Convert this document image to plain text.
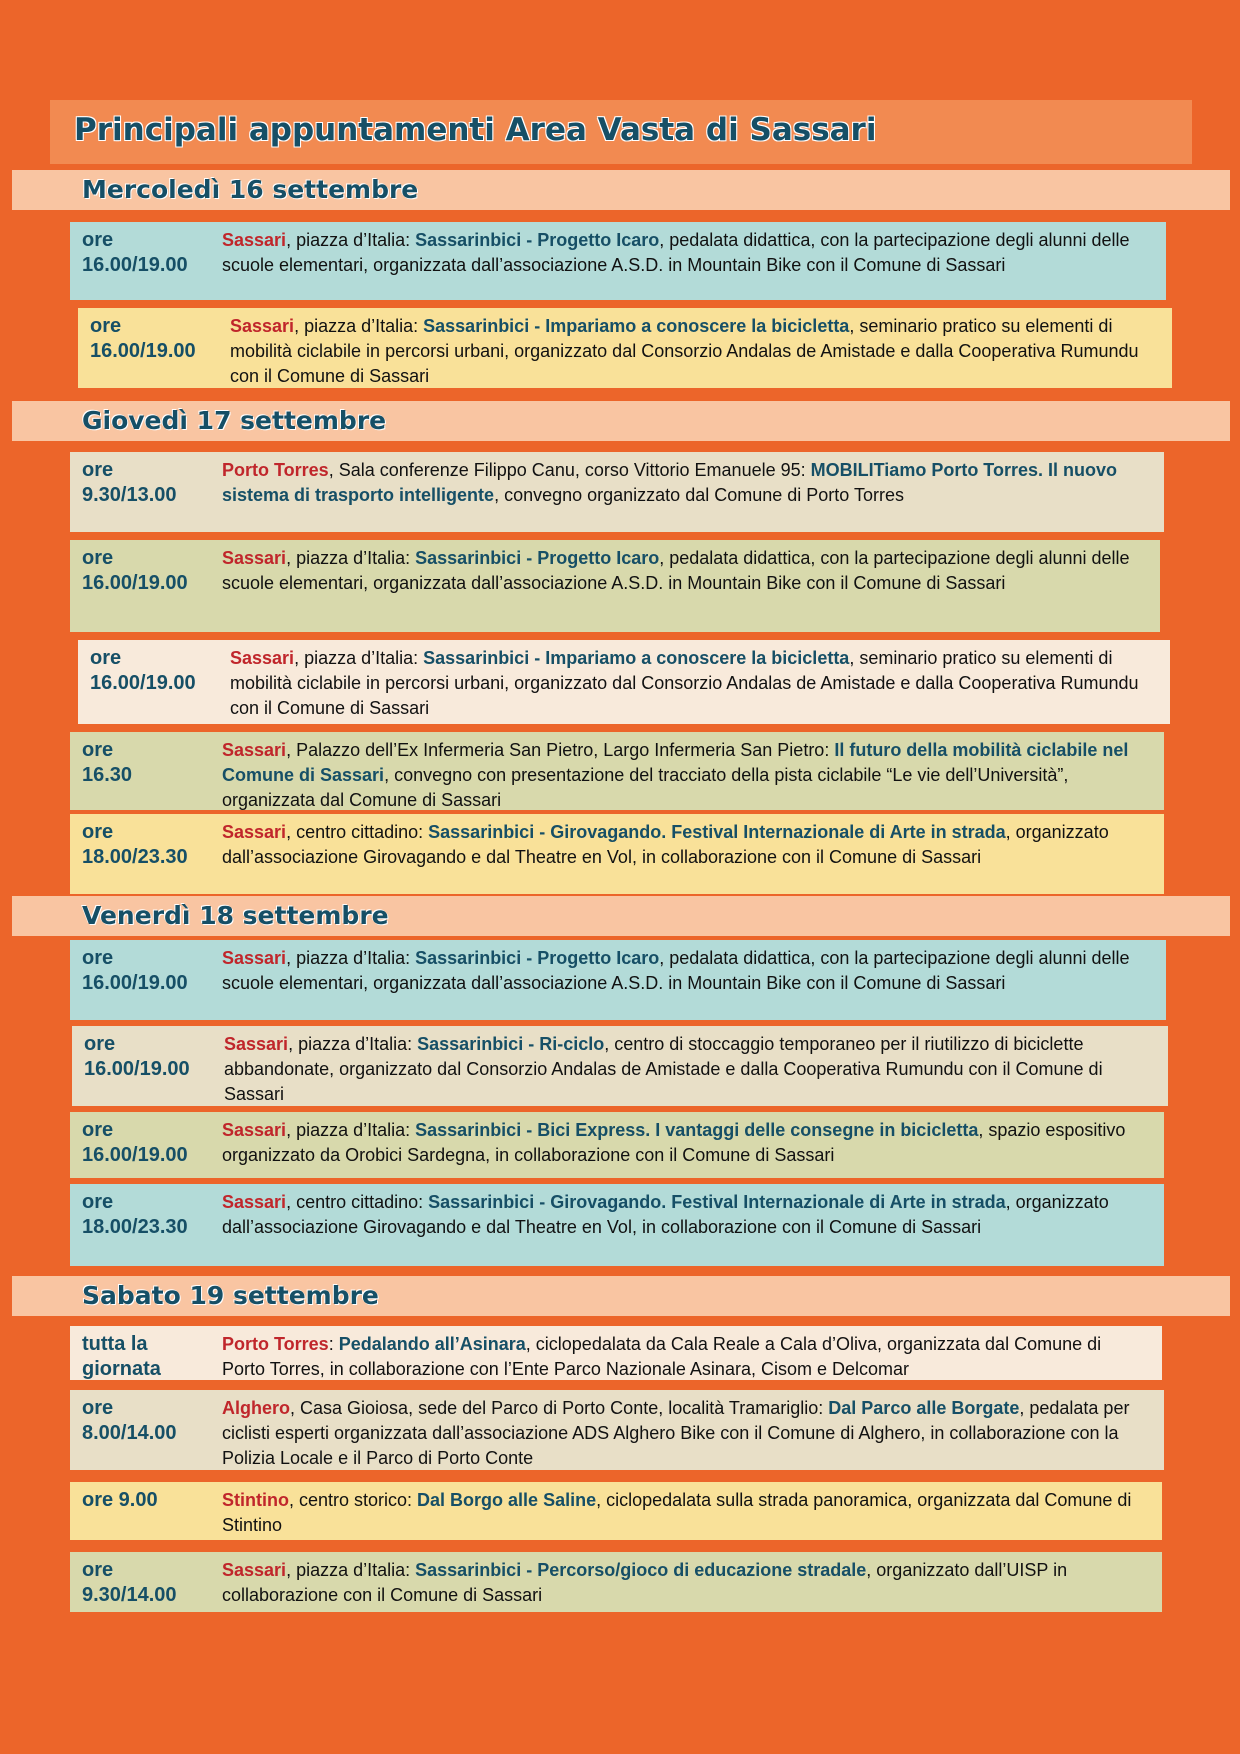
Principali appuntamenti Area Vasta di Sassari
Mercoledì 16 settembre
ore
16.00/19.00
Sassari, piazza d’Italia: Sassarinbici - Progetto Icaro, pedalata didattica, con la partecipazione degli alunni delle scuole elementari, organizzata dall’associazione A.S.D. in Mountain Bike con il Comune di Sassari
ore
16.00/19.00
Sassari, piazza d’Italia: Sassarinbici - Impariamo a conoscere la bicicletta, seminario pratico su elementi di mobilità ciclabile in percorsi urbani, organizzato dal Consorzio Andalas de Amistade e dalla Cooperativa Rumundu con il Comune di Sassari
Giovedì 17 settembre
ore
9.30/13.00
Porto Torres, Sala conferenze Filippo Canu, corso Vittorio Emanuele 95: MOBILITiamo Porto Torres. Il nuovo sistema di trasporto intelligente, convegno organizzato dal Comune di Porto Torres
ore
16.00/19.00
Sassari, piazza d’Italia: Sassarinbici - Progetto Icaro, pedalata didattica, con la partecipazione degli alunni delle scuole elementari, organizzata dall’associazione A.S.D. in Mountain Bike con il Comune di Sassari
ore
16.00/19.00
Sassari, piazza d’Italia: Sassarinbici - Impariamo a conoscere la bicicletta, seminario pratico su elementi di mobilità ciclabile in percorsi urbani, organizzato dal Consorzio Andalas de Amistade e dalla Cooperativa Rumundu con il Comune di Sassari
ore
16.30
Sassari, Palazzo dell’Ex Infermeria San Pietro, Largo Infermeria San Pietro: Il futuro della mobilità ciclabile nel Comune di Sassari, convegno con presentazione del tracciato della pista ciclabile “Le vie dell’Università”, organizzata dal Comune di Sassari
ore
18.00/23.30
Sassari, centro cittadino: Sassarinbici - Girovagando. Festival Internazionale di Arte in strada, organizzato dall’associazione Girovagando e dal Theatre en Vol, in collaborazione con il Comune di Sassari
Venerdì 18 settembre
ore
16.00/19.00
Sassari, piazza d’Italia: Sassarinbici - Progetto Icaro, pedalata didattica, con la partecipazione degli alunni delle scuole elementari, organizzata dall’associazione A.S.D. in Mountain Bike con il Comune di Sassari
ore
16.00/19.00
Sassari, piazza d’Italia: Sassarinbici - Ri-ciclo, centro di stoccaggio temporaneo per il riutilizzo di biciclette abbandonate, organizzato dal Consorzio Andalas de Amistade e dalla Cooperativa Rumundu con il Comune di Sassari
ore
16.00/19.00
Sassari, piazza d’Italia: Sassarinbici - Bici Express. I vantaggi delle consegne in bicicletta, spazio espositivo organizzato da Orobici Sardegna, in collaborazione con il Comune di Sassari
ore
18.00/23.30
Sassari, centro cittadino: Sassarinbici - Girovagando. Festival Internazionale di Arte in strada, organizzato dall’associazione Girovagando e dal Theatre en Vol, in collaborazione con il Comune di Sassari
Sabato 19 settembre
tutta la
giornata
Porto Torres: Pedalando all’Asinara, ciclopedalata da Cala Reale a Cala d’Oliva, organizzata dal Comune di Porto Torres, in collaborazione con l’Ente Parco Nazionale Asinara, Cisom e Delcomar
ore
8.00/14.00
Alghero, Casa Gioiosa, sede del Parco di Porto Conte, località Tramariglio: Dal Parco alle Borgate, pedalata per ciclisti esperti organizzata dall’associazione ADS Alghero Bike con il Comune di Alghero, in collaborazione con la Polizia Locale e il Parco di Porto Conte
ore 9.00	Stintino, centro storico: Dal Borgo alle Saline, ciclopedalata sulla strada panoramica, organizzata dal Comune di Stintino
ore
9.30/14.00
Sassari, piazza d’Italia: Sassarinbici - Percorso/gioco di educazione stradale, organizzato dall’UISP in collaborazione con il Comune di Sassari
